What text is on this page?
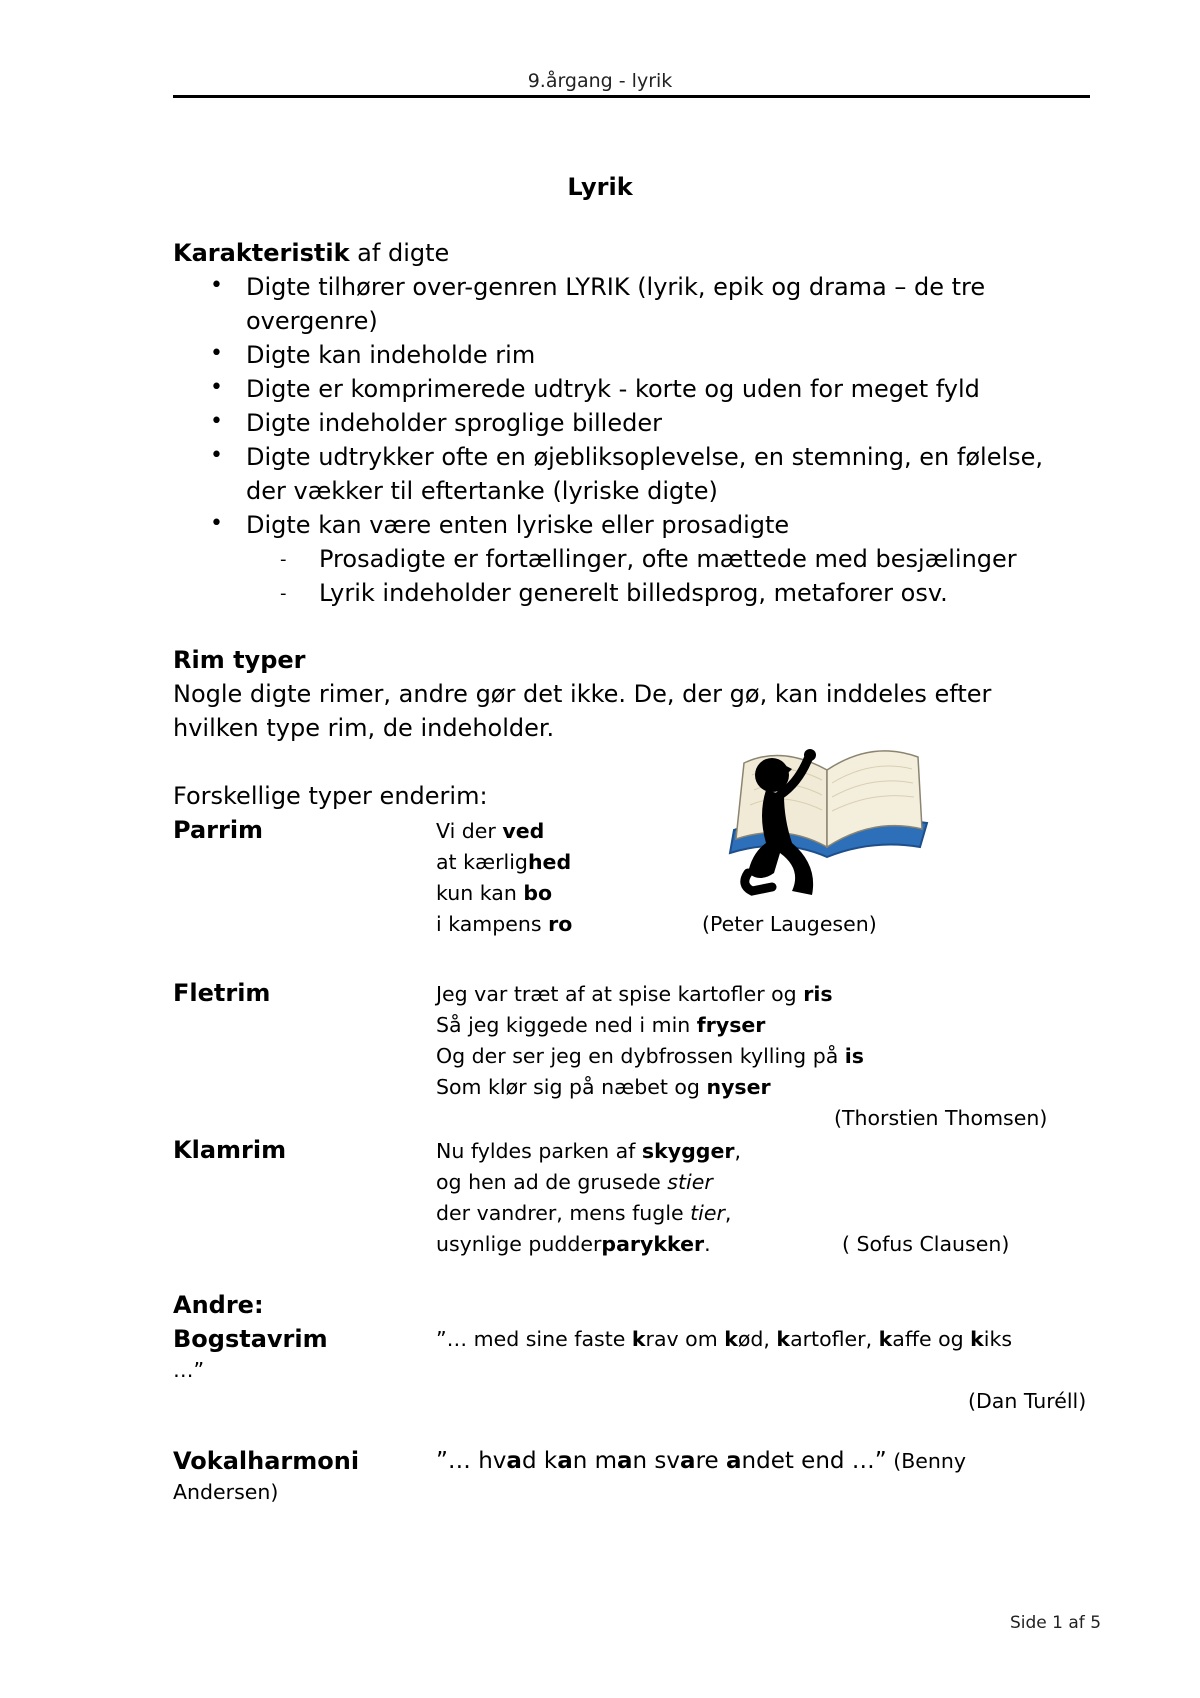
9.årgang - lyrik
Lyrik
Karakteristik af digte
• Digte tilhører over-genren LYRIK (lyrik, epik og drama – de tre
overgenre)
• Digte kan indeholde rim
• Digte er komprimerede udtryk - korte og uden for meget fyld
• Digte indeholder sproglige billeder
• Digte udtrykker ofte en øjebliksoplevelse, en stemning, en følelse,
der vækker til eftertanke (lyriske digte)
• Digte kan være enten lyriske eller prosadigte
- Prosadigte er fortællinger, ofte mættede med besjælinger
- Lyrik indeholder generelt billedsprog, metaforer osv.
Rim typer
Nogle digte rimer, andre gør det ikke. De, der gø, kan inddeles efter
hvilken type rim, de indeholder.
Forskellige typer enderim:
Parrim	Vi der ved
at kærlighed
kun kan bo
i kampens ro	(Peter Laugesen)
Fletrim	Jeg var træt af at spise kartofler og ris
Så jeg kiggede ned i min fryser
Og der ser jeg en dybfrossen kylling på is
Som klør sig på næbet og nyser
(Thorstien Thomsen)
Klamrim	Nu fyldes parken af skygger,
og hen ad de grusede stier
der vandrer, mens fugle tier,
usynlige pudderparykker.	( Sofus Clausen)
Andre:
Bogstavrim	”… med sine faste krav om kød, kartofler, kaffe og kiks
…”
(Dan Turéll)
Vokalharmoni	”… hvad kan man svare andet end …” (Benny
Andersen)
Side 1 af 5
